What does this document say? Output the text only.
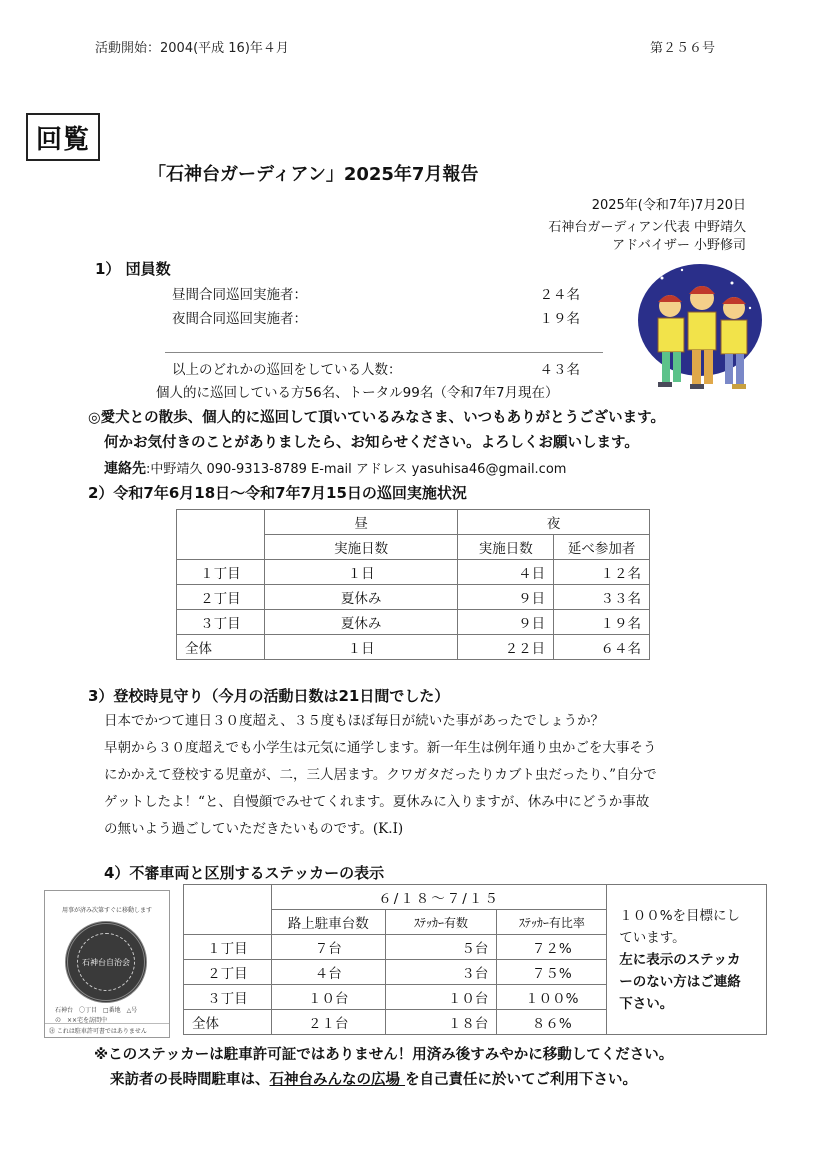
活動開始：2004(平成 16)年４月	第２５６号
回覧
「石神台ガーディアン」2025年7月報告
2025年(令和7年)7月20日
石神台ガーディアン代表 中野靖久
アドバイザー 小野修司
1） 団員数
昼間合同巡回実施者：	２４名
夜間合同巡回実施者：	１９名
以上のどれかの巡回をしている人数：	４３名
個人的に巡回している方56名、トータル99名（令和7年7月現在）
◎愛犬との散歩、個人的に巡回して頂いているみなさま、いつもありがとうございます。
何かお気付きのことがありましたら、お知らせください。よろしくお願いします。
連絡先:中野靖久 090-9313-8789 E-mail アドレス yasuhisa46@gmail.com
2）令和7年6月18日～令和7年7月15日の巡回実施状況
	昼	夜	
	実施日数	実施日数	延べ参加者
１丁目	１日	４日	１２名
２丁目	夏休み	９日	３３名
３丁目	夏休み	９日	１９名
全体	１日	２２日	６４名
3）登校時見守り（今月の活動日数は21日間でした）
日本でかつて連日３０度超え、３５度もほぼ毎日が続いた事があったでしょうか？
早朝から３０度超えでも小学生は元気に通学します。新一年生は例年通り虫かごを大事そう
にかかえて登校する児童が、二，三人居ます。クワガタだったりカブト虫だったり、”自分で
ゲットしたよ！“と、自慢顔でみせてくれます。夏休みに入りますが、休み中にどうか事故
の無いよう過ごしていただきたいものです。(K.I)
4）不審車両と区別するステッカーの表示
用事が済み次第すぐに移動します
石神台自治会
石神台　〇丁目　□番地　△号
の　××宅を訪問中
㊟ これは駐車許可書ではありません
	６/１８～７/１５			１００%を目標にし
ています。
左に表示のステッカ
ーのない方はご連絡
下さい。

	路上駐車台数	ｽﾃｯｶｰ有数	ｽﾃｯｶｰ有比率	
１丁目	７台	５台	７２%	
２丁目	４台	３台	７５%	
３丁目	１０台	１０台	１００%	
全体	２１台	１８台	８６%	
※このステッカーは駐車許可証ではありません！用済み後すみやかに移動してください。
来訪者の長時間駐車は、石神台みんなの広場 を自己責任に於いてご利用下さい。
